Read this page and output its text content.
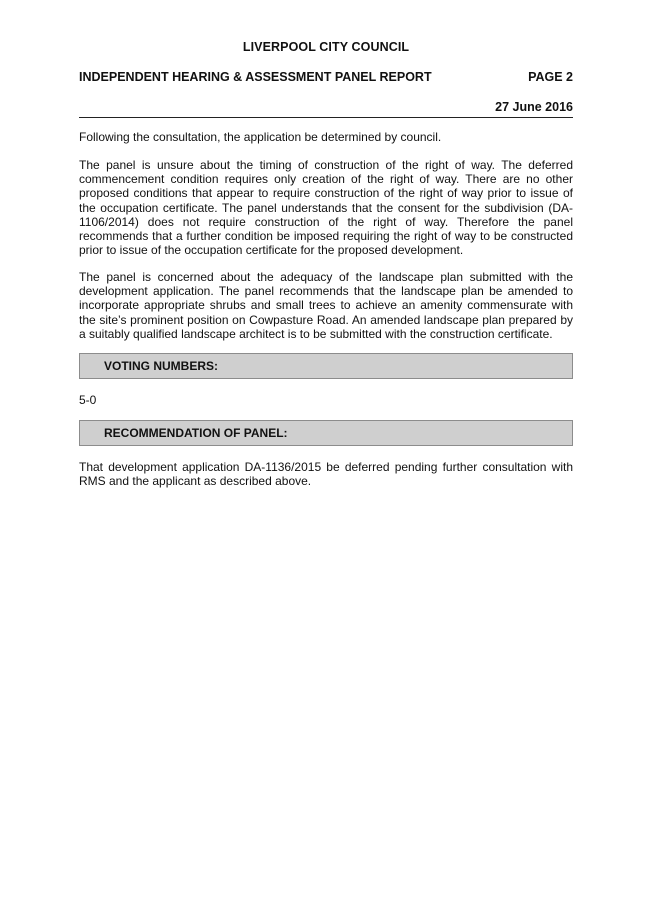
LIVERPOOL CITY COUNCIL
INDEPENDENT HEARING & ASSESSMENT PANEL REPORT	PAGE 2
27 June 2016
Following the consultation, the application be determined by council.
The panel is unsure about the timing of construction of the right of way. The deferred commencement condition requires only creation of the right of way. There are no other proposed conditions that appear to require construction of the right of way prior to issue of the occupation certificate. The panel understands that the consent for the subdivision (DA-1106/2014) does not require construction of the right of way. Therefore the panel recommends that a further condition be imposed requiring the right of way to be constructed prior to issue of the occupation certificate for the proposed development.
The panel is concerned about the adequacy of the landscape plan submitted with the development application. The panel recommends that the landscape plan be amended to incorporate appropriate shrubs and small trees to achieve an amenity commensurate with the site’s prominent position on Cowpasture Road. An amended landscape plan prepared by a suitably qualified landscape architect is to be submitted with the construction certificate.
VOTING NUMBERS:
5-0
RECOMMENDATION OF PANEL:
That development application DA-1136/2015 be deferred pending further consultation with RMS and the applicant as described above.
